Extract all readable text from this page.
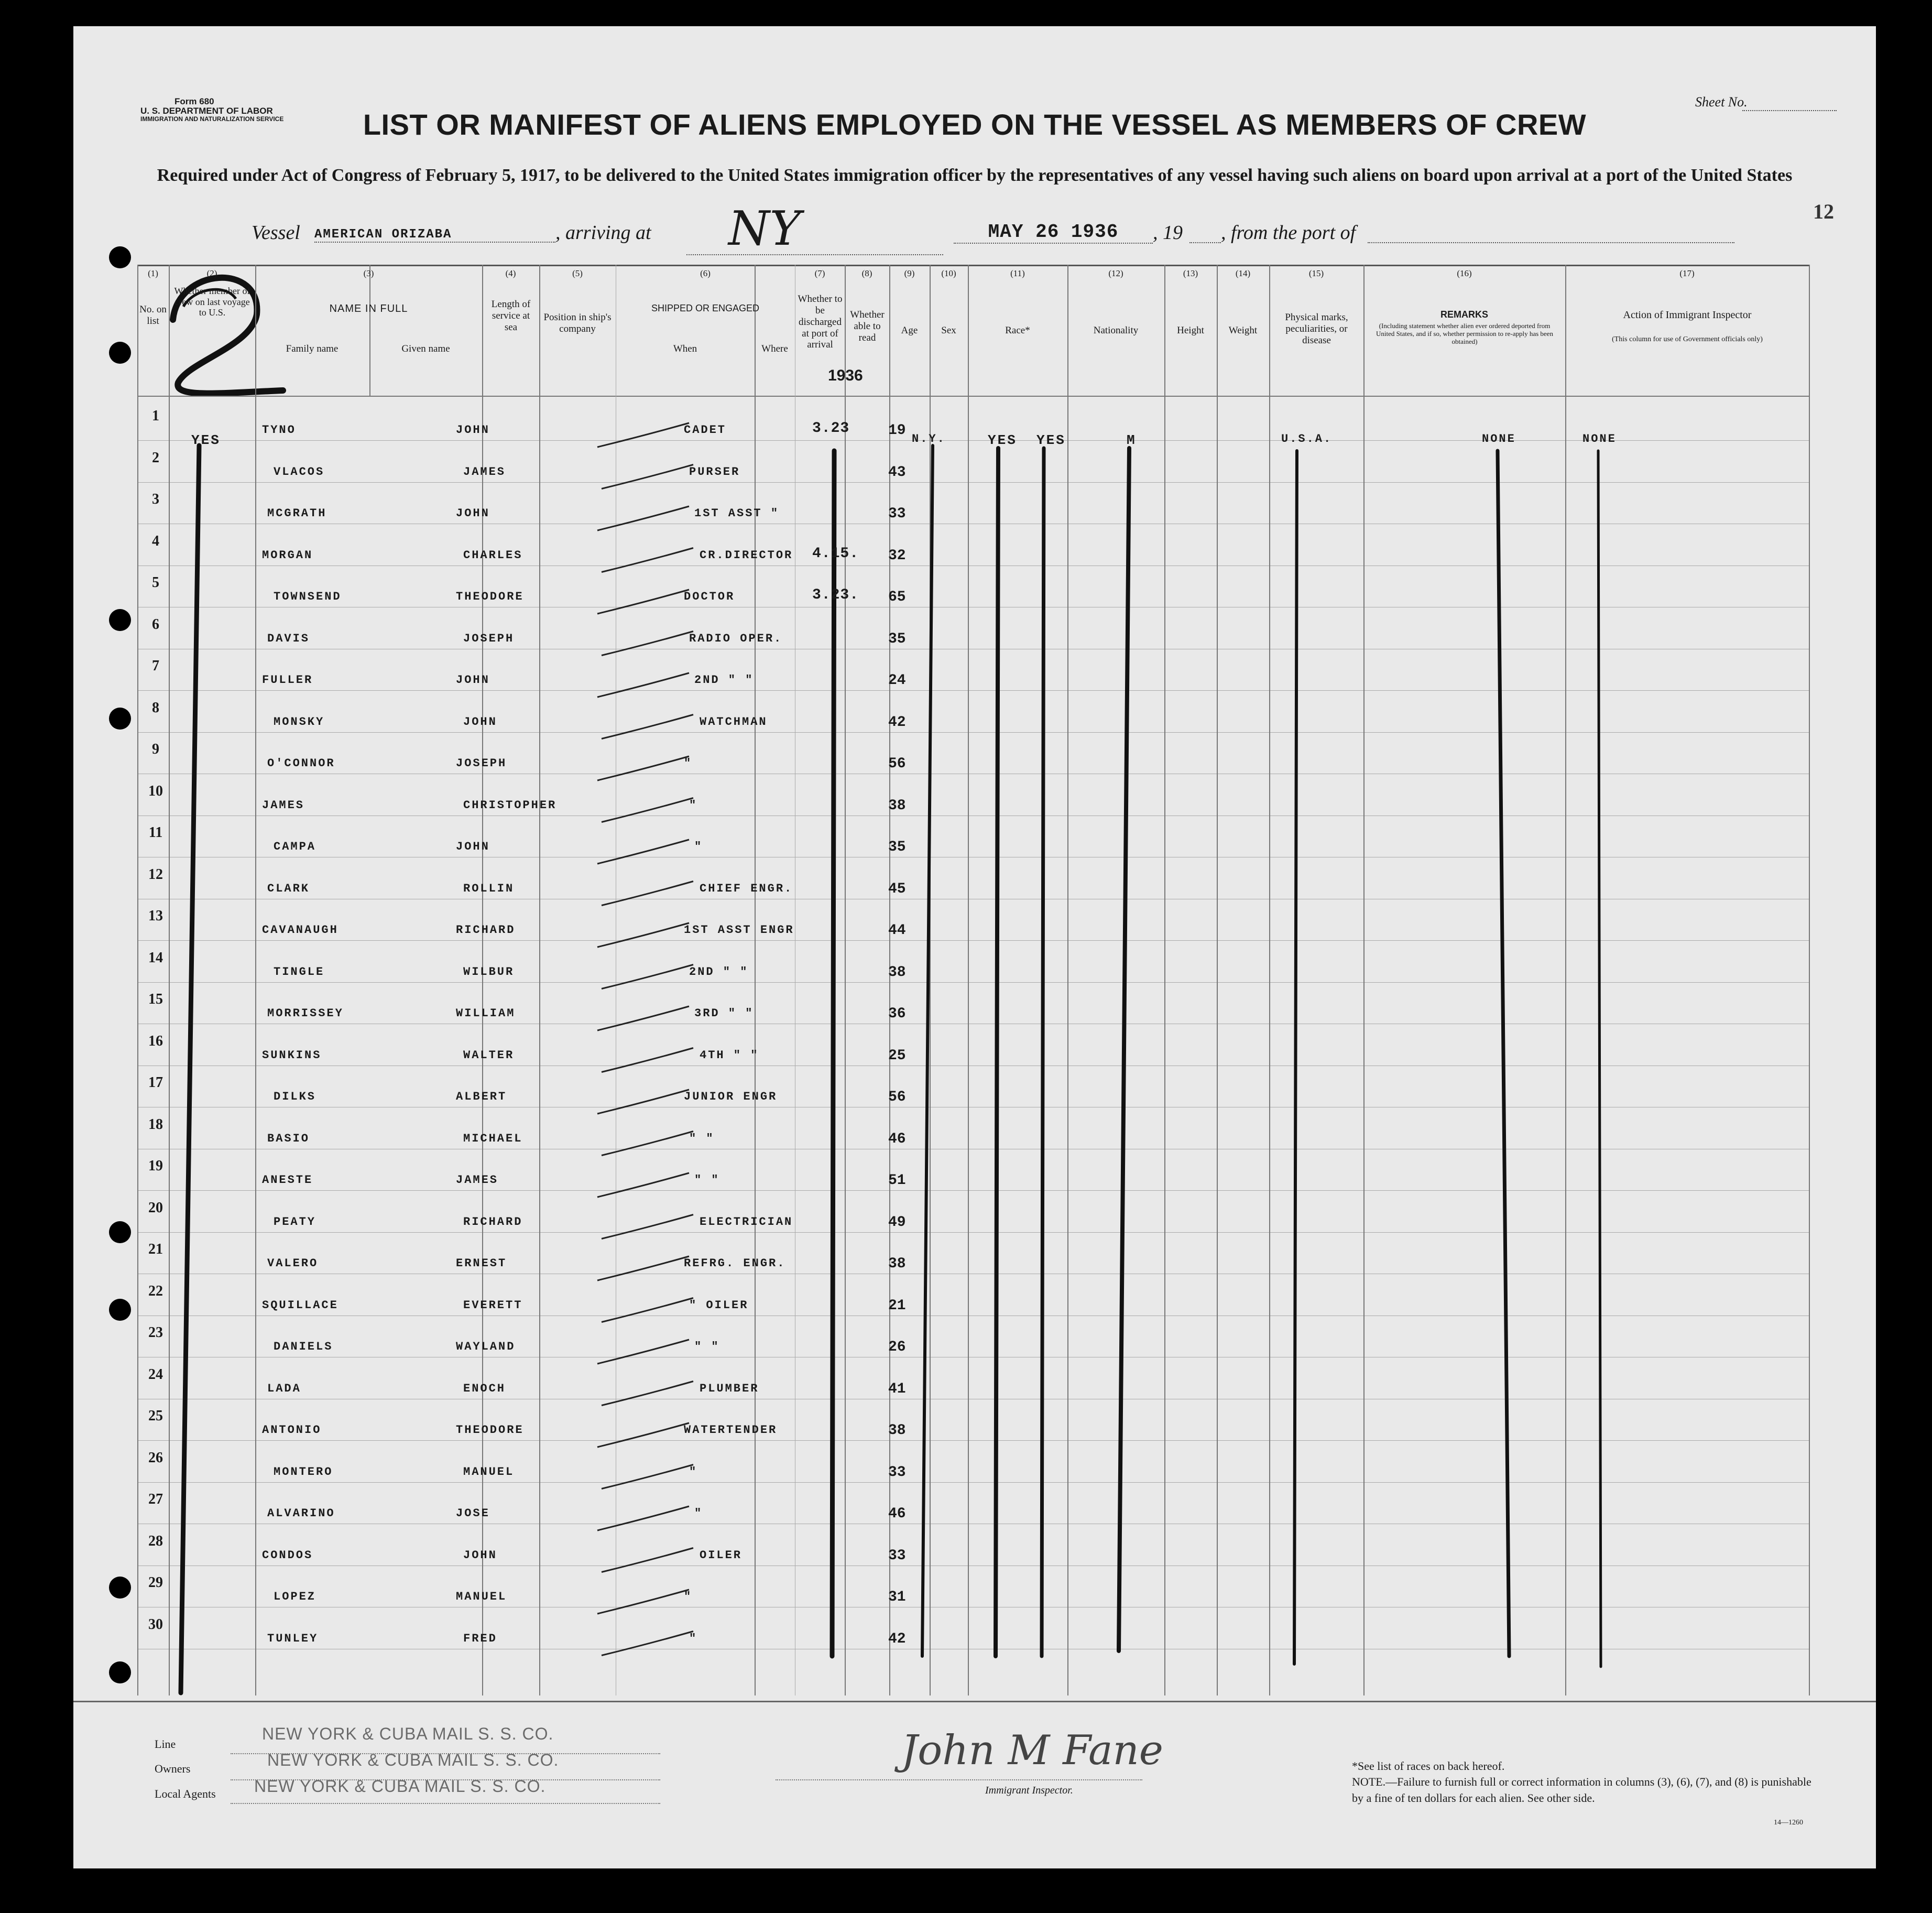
Form 680
U. S. DEPARTMENT OF LABOR
IMMIGRATION AND NATURALIZATION SERVICE
Sheet No.
12
LIST OR MANIFEST OF ALIENS EMPLOYED ON THE VESSEL AS MEMBERS OF CREW
Required under Act of Congress of February 5, 1917, to be delivered to the United States immigration officer by the representatives of any vessel having such aliens on board upon arrival at a port of the United States
Vessel AMERICAN ORIZABA	, arriving at	NY	MAY 26 1936	, 19 , from the port of
(1)	(2)	(3)	(4)	(5)	(6)	(7)	(8)	(9)	(10)	(11)	(12)	(13)	(14)	(15)	(16)	(17)
No. on list
Whether member of crew on last voyage to U.S.	NAME IN FULL
Family name	Given name
Length of service at sea
Position in ship's company
SHIPPED OR ENGAGED
When	Where
Whether to be discharged at port of arrival
Whether able to read
Age	Sex	Race*	Nationality	Height	Weight
Physical marks, peculiarities, or disease
REMARKS
(Including statement whether alien ever ordered deported from United States, and if so, whether permission to re-apply has been obtained)
Action of Immigrant Inspector
(This column for use of Government officials only)
1936
YES	N.Y.	YES YES	M	U.S.A.	NONE	NONE
1
TYNO	JOHN	CADET	3.23	19
2
VLACOS	JAMES	PURSER	43
3
MCGRATH	JOHN	1ST ASST "	33
4
MORGAN	CHARLES	CR.DIRECTOR 4.15. 32
5
TOWNSEND	THEODORE	DOCTOR	3.23. 65
6
DAVIS	JOSEPH	RADIO OPER.	35
7
FULLER	JOHN	2ND " "	24
8
MONSKY	JOHN	WATCHMAN	42
9
O'CONNOR	JOSEPH	"	56
10
JAMES	CHRISTOPHER	"	38
11
CAMPA	JOHN	"	35
12
CLARK	ROLLIN	CHIEF ENGR.	45
13
CAVANAUGH	RICHARD	1ST ASST ENGR	44
14
TINGLE	WILBUR	2ND " "	38
15
MORRISSEY	WILLIAM	3RD " "	36
16
SUNKINS	WALTER	4TH " "	25
17
DILKS	ALBERT	JUNIOR ENGR	56
18
BASIO	MICHAEL	" "	46
19
ANESTE	JAMES	" "	51
20
PEATY	RICHARD	ELECTRICIAN	49
21
VALERO	ERNEST	REFRG. ENGR.	38
22
SQUILLACE	EVERETT	" OILER	21
23
DANIELS	WAYLAND	" "	26
24
LADA	ENOCH	PLUMBER	41
25
ANTONIO	THEODORE	WATERTENDER	38
26
MONTERO	MANUEL	"	33
27
ALVARINO	JOSE	"	46
28
CONDOS	JOHN	OILER	33
29
LOPEZ	MANUEL	"	31
30
TUNLEY	FRED	"	42
Line
NEW YORK & CUBA MAIL S. S. CO.
Owners	NEW YORK & CUBA MAIL S. S. CO.
Local Agents NEW YORK & CUBA MAIL S. S. CO.
John M Fane
Immigrant Inspector.
*See list of races on back hereof.
NOTE.—Failure to furnish full or correct information in columns (3), (6), (7), and (8) is punishable by a fine of ten dollars for each alien. See other side.
14—1260
